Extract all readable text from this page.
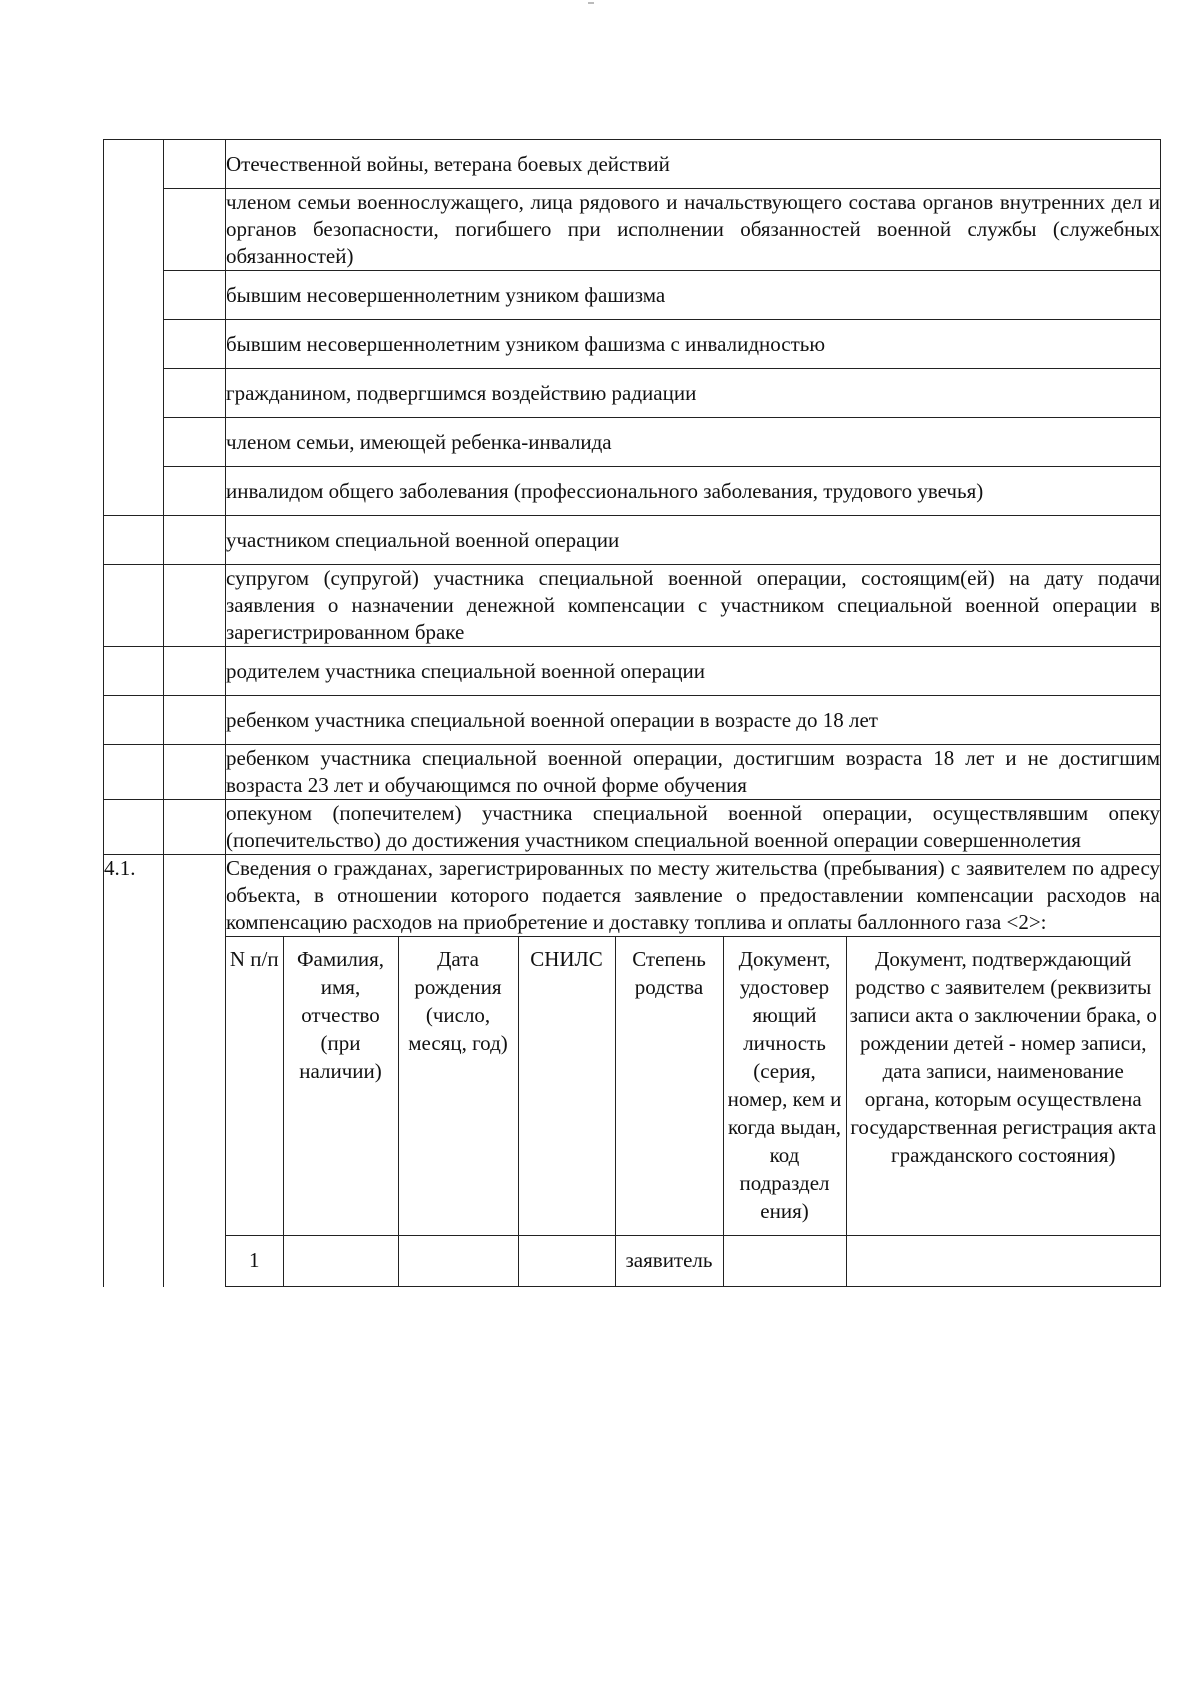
		Отечественной войны, ветерана боевых действий
		членом семьи военнослужащего, лица рядового и начальствующего состава органов внутренних дел и органов безопасности, погибшего при исполнении обязанностей военной службы (служебных обязанностей)
		бывшим несовершеннолетним узником фашизма
		бывшим несовершеннолетним узником фашизма с инвалидностью
		гражданином, подвергшимся воздействию радиации
		членом семьи, имеющей ребенка-инвалида
		инвалидом общего заболевания (профессионального заболевания, трудового увечья)
		участником специальной военной операции
		супругом (супругой) участника специальной военной операции, состоящим(ей) на дату подачи заявления о назначении денежной компенсации с участником специальной военной операции в зарегистрированном браке
		родителем участника специальной военной операции
		ребенком участника специальной военной операции в возрасте до 18 лет
		ребенком участника специальной военной операции, достигшим возраста 18 лет и не достигшим возраста 23 лет и обучающимся по очной форме обучения
		опекуном (попечителем) участника специальной военной операции, осуществлявшим опеку (попечительство) до достижения участником специальной военной операции совершеннолетия
4.1.		Сведения о гражданах, зарегистрированных по месту жительства (пребывания) с заявителем по адресу объекта, в отношении которого подается заявление о предоставлении компенсации расходов на компенсацию расходов на приобретение и доставку топлива и оплаты баллонного газа <2>:

N п/п	Фамилия, имя, отчество (при наличии)	Дата рождения (число, месяц, год)	СНИЛС	Степень родства	Документ, удостовер яющий личность (серия, номер, кем и когда выдан, код подраздел ения)	Документ, подтверждающий родство с заявителем (реквизиты записи акта о заключении брака, о рождении детей - номер записи, дата записи, наименование органа, которым осуществлена государственная регистрация акта гражданского состояния)
1				заявитель		
